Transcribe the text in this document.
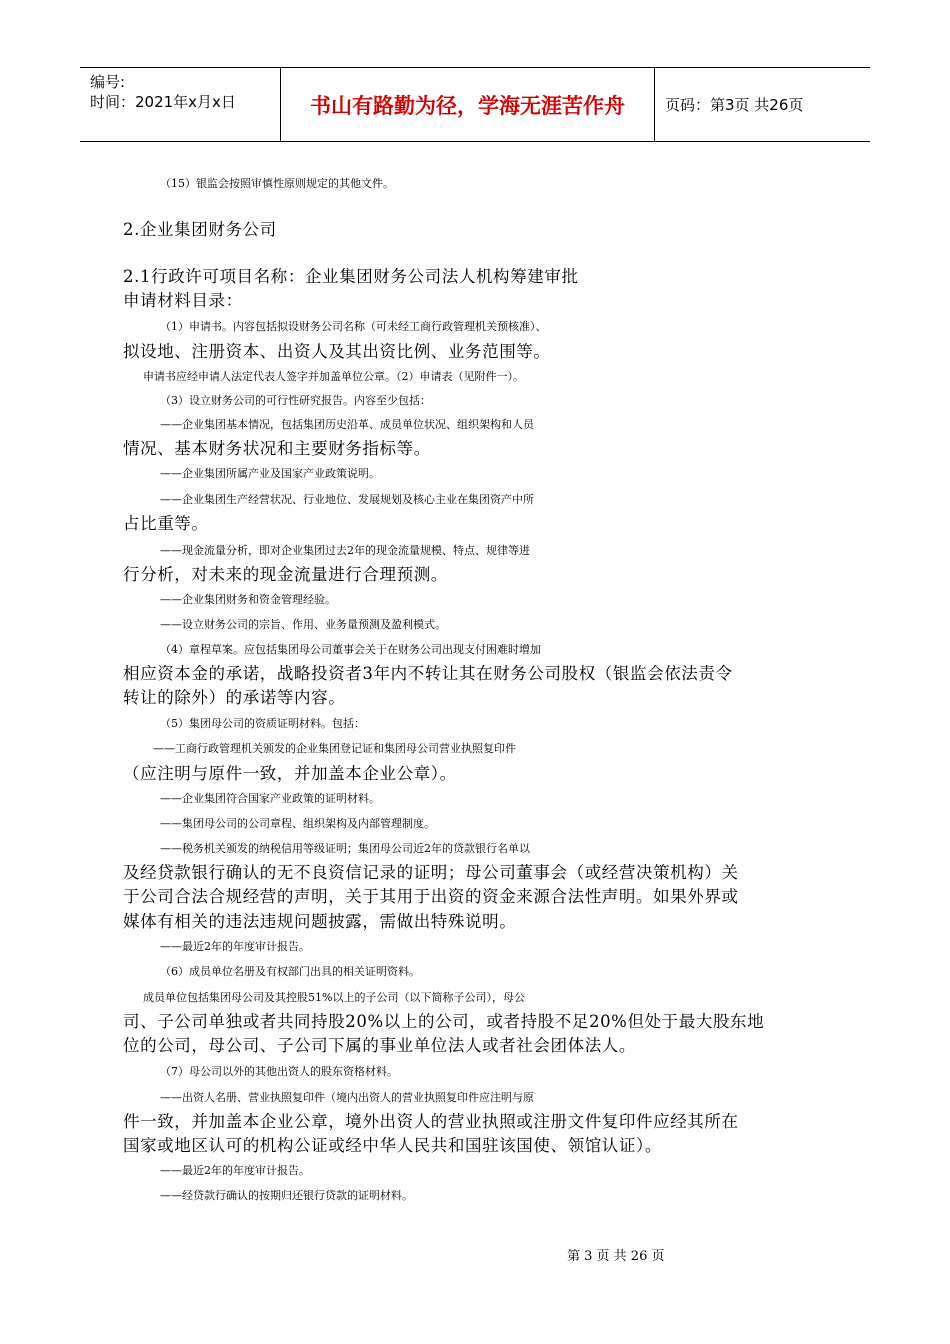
编号:
时间：2021年x月x日	书山有路勤为径，学海无涯苦作舟	页码：第3页 共26页
（15）银监会按照审慎性原则规定的其他文件。
2.企业集团财务公司
2.1行政许可项目名称：企业集团财务公司法人机构筹建审批
申请材料目录：
（1）申请书。内容包括拟设财务公司名称（可未经工商行政管理机关预核准）、
拟设地、注册资本、出资人及其出资比例、业务范围等。
申请书应经申请人法定代表人签字并加盖单位公章。（2）申请表（见附件一）。
（3）设立财务公司的可行性研究报告。内容至少包括：
——企业集团基本情况，包括集团历史沿革、成员单位状况、组织架构和人员
情况、基本财务状况和主要财务指标等。
——企业集团所属产业及国家产业政策说明。
——企业集团生产经营状况、行业地位、发展规划及核心主业在集团资产中所
占比重等。
——现金流量分析，即对企业集团过去2年的现金流量规模、特点、规律等进
行分析，对未来的现金流量进行合理预测。
——企业集团财务和资金管理经验。
——设立财务公司的宗旨、作用、业务量预测及盈利模式。
（4）章程草案。应包括集团母公司董事会关于在财务公司出现支付困难时增加
相应资本金的承诺，战略投资者3年内不转让其在财务公司股权（银监会依法责令
转让的除外）的承诺等内容。
（5）集团母公司的资质证明材料。包括：
——工商行政管理机关颁发的企业集团登记证和集团母公司营业执照复印件
（应注明与原件一致，并加盖本企业公章）。
——企业集团符合国家产业政策的证明材料。
——集团母公司的公司章程、组织架构及内部管理制度。
——税务机关颁发的纳税信用等级证明；集团母公司近2年的贷款银行名单以
及经贷款银行确认的无不良资信记录的证明；母公司董事会（或经营决策机构）关
于公司合法合规经营的声明，关于其用于出资的资金来源合法性声明。如果外界或
媒体有相关的违法违规问题披露，需做出特殊说明。
——最近2年的年度审计报告。
（6）成员单位名册及有权部门出具的相关证明资料。
成员单位包括集团母公司及其控股51%以上的子公司（以下简称子公司），母公
司、子公司单独或者共同持股20%以上的公司，或者持股不足20%但处于最大股东地
位的公司，母公司、子公司下属的事业单位法人或者社会团体法人。
（7）母公司以外的其他出资人的股东资格材料。
——出资人名册、营业执照复印件（境内出资人的营业执照复印件应注明与原
件一致，并加盖本企业公章，境外出资人的营业执照或注册文件复印件应经其所在
国家或地区认可的机构公证或经中华人民共和国驻该国使、领馆认证）。
——最近2年的年度审计报告。
——经贷款行确认的按期归还银行贷款的证明材料。
第 3 页 共 26 页
